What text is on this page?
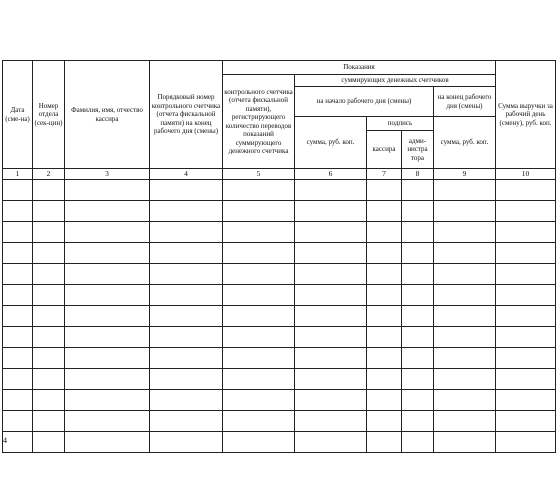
Дата (сме-на)	Номер отдела (сек-ции)	Фамилия, имя, отчество кассира	Порядковый номер контрольного счетчика (отчета фискальной памяти) на конец рабочего дня (смены)	Показания					Сумма выручки за рабочий день (смену), руб. коп.
				контрольного счетчика (отчета фискальной памяти), регистрирующего количество переводов показаний суммирующего денежного счетчика	суммирующих денежных счетчиков				
					на начало рабочего дня (смены)			на конец рабочего дня (смены)	
					сумма, руб. коп.	подпись		сумма, руб. коп.	
						кассира	адми-нистра тора		
1	2	3	4	5	6	7	8	9	10

4
